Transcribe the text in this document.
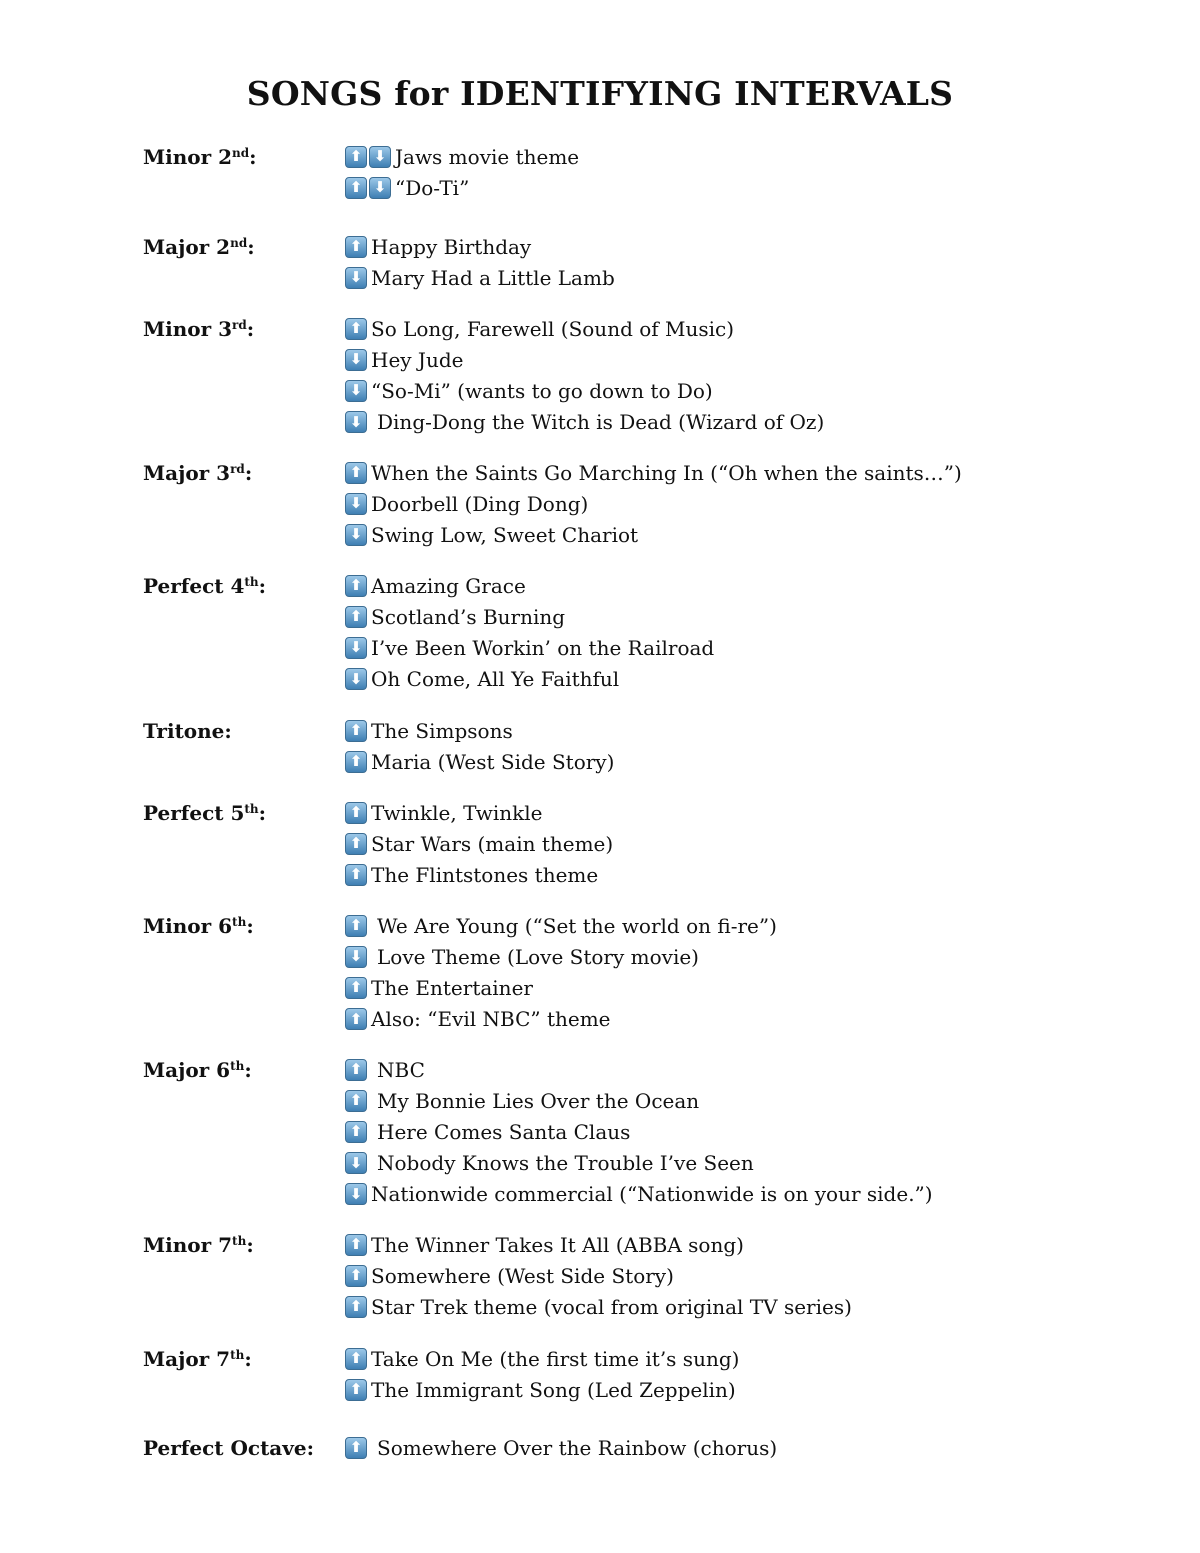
SONGS for IDENTIFYING INTERVALS
Minor 2nd:	⬆ ⬇ Jaws movie theme
⬆ ⬇ “Do-Ti”
Major 2nd:	⬆ Happy Birthday
⬇ Mary Had a Little Lamb
Minor 3rd:	⬆ So Long, Farewell (Sound of Music)
⬇ Hey Jude
⬇ “So-Mi” (wants to go down to Do)
⬇ Ding-Dong the Witch is Dead (Wizard of Oz)
Major 3rd:	⬆ When the Saints Go Marching In (“Oh when the saints…”)
⬇ Doorbell (Ding Dong)
⬇ Swing Low, Sweet Chariot
Perfect 4th:	⬆ Amazing Grace
⬆ Scotland’s Burning
⬇ I’ve Been Workin’ on the Railroad
⬇ Oh Come, All Ye Faithful
Tritone:	⬆ The Simpsons
⬆ Maria (West Side Story)
Perfect 5th:	⬆ Twinkle, Twinkle
⬆ Star Wars (main theme)
⬆ The Flintstones theme
Minor 6th:	⬆ We Are Young (“Set the world on fi-re”)
⬇ Love Theme (Love Story movie)
⬆ The Entertainer
⬆ Also: “Evil NBC” theme
Major 6th:	⬆ NBC
⬆ My Bonnie Lies Over the Ocean
⬆ Here Comes Santa Claus
⬇ Nobody Knows the Trouble I’ve Seen
⬇ Nationwide commercial (“Nationwide is on your side.”)
Minor 7th:	⬆ The Winner Takes It All (ABBA song)
⬆ Somewhere (West Side Story)
⬆ Star Trek theme (vocal from original TV series)
Major 7th:	⬆ Take On Me (the first time it’s sung)
⬆ The Immigrant Song (Led Zeppelin)
Perfect Octave:	⬆ Somewhere Over the Rainbow (chorus)
